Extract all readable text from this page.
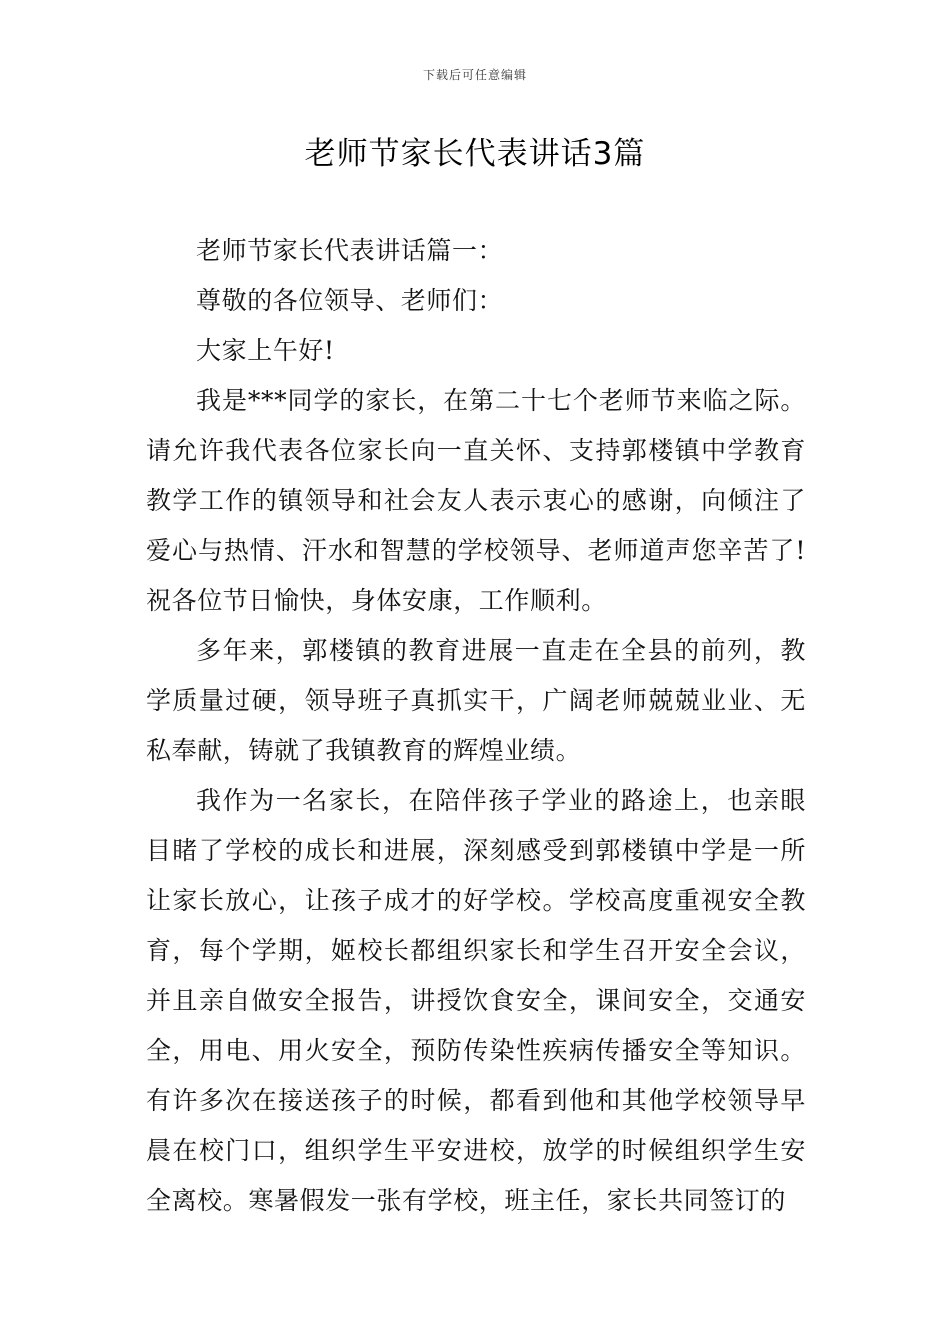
下载后可任意编辑
老师节家长代表讲话3篇

老师节家长代表讲话篇一：

尊敬的各位领导、老师们：

大家上午好!

我是***同学的家长，在第二十七个老师节来临之际。请允许我代表各位家长向一直关怀、支持郭楼镇中学教育教学工作的镇领导和社会友人表示衷心的感谢，向倾注了爱心与热情、汗水和智慧的学校领导、老师道声您辛苦了!祝各位节日愉快，身体安康，工作顺利。

多年来，郭楼镇的教育进展一直走在全县的前列，教学质量过硬，领导班子真抓实干，广阔老师兢兢业业、无私奉献，铸就了我镇教育的辉煌业绩。

我作为一名家长，在陪伴孩子学业的路途上，也亲眼目睹了学校的成长和进展，深刻感受到郭楼镇中学是一所让家长放心，让孩子成才的好学校。学校高度重视安全教育，每个学期，姬校长都组织家长和学生召开安全会议，并且亲自做安全报告，讲授饮食安全，课间安全，交通安全，用电、用火安全，预防传染性疾病传播安全等知识。有许多次在接送孩子的时候，都看到他和其他学校领导早晨在校门口，组织学生平安进校，放学的时候组织学生安全离校。寒暑假发一张有学校，班主任，家长共同签订的
